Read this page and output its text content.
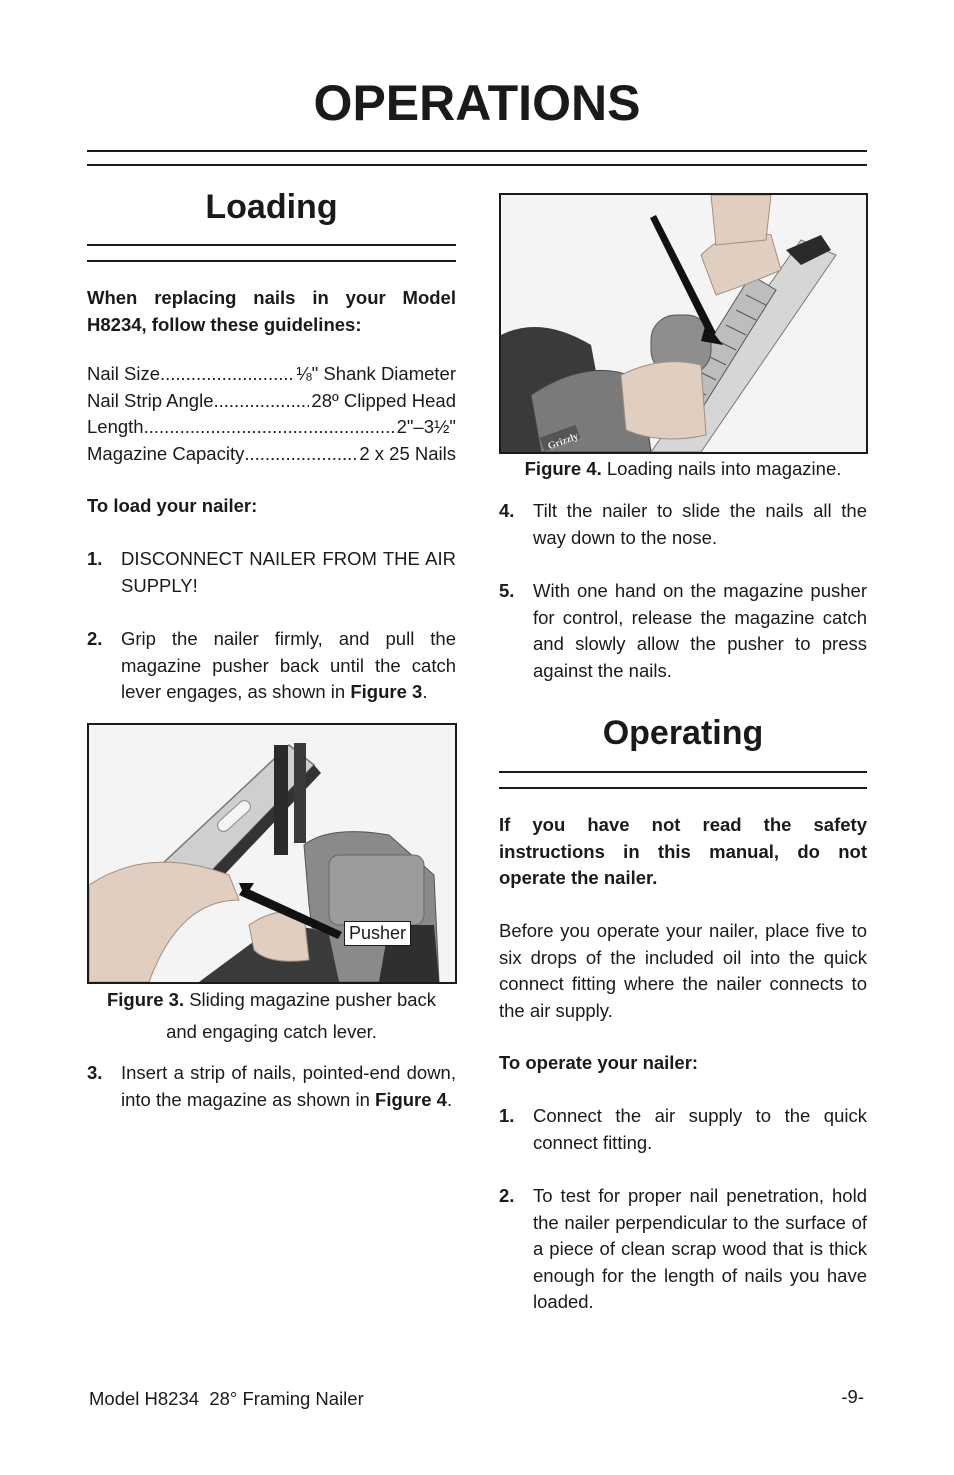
OPERATIONS
Loading

When replacing nails in your Model H8234, follow these guidelines:

Nail Size .....	⅛" Shank Diameter
Nail Strip Angle .....	28º Clipped Head
Length .....	2"–3½"
Magazine Capacity .....	2 x 25 Nails

To load your nailer:

1.	DISCONNECT NAILER FROM THE AIR SUPPLY!
2.	Grip the nailer firmly, and pull the magazine pusher back until the catch lever engages, as shown in Figure 3.
Pusher

Figure 3. Sliding magazine pusher back

and engaging catch lever.

3.	Insert a strip of nails, pointed-end down, into the magazine as shown in Figure 4.
Grizzly

Figure 4. Loading nails into magazine.

4.	Tilt the nailer to slide the nails all the way down to the nose.
5.	With one hand on the magazine pusher for control, release the magazine catch and slowly allow the pusher to press against the nails.
Operating

If you have not read the safety instructions in this manual, do not operate the nailer.

Before you operate your nailer, place five to six drops of the included oil into the quick connect fitting where the nailer connects to the air supply.

To operate your nailer:

1.	Connect the air supply to the quick connect fitting.
2.	To test for proper nail penetration, hold the nailer perpendicular to the surface of a piece of clean scrap wood that is thick enough for the length of nails you have loaded.
Model H8234  28° Framing Nailer	-9-
